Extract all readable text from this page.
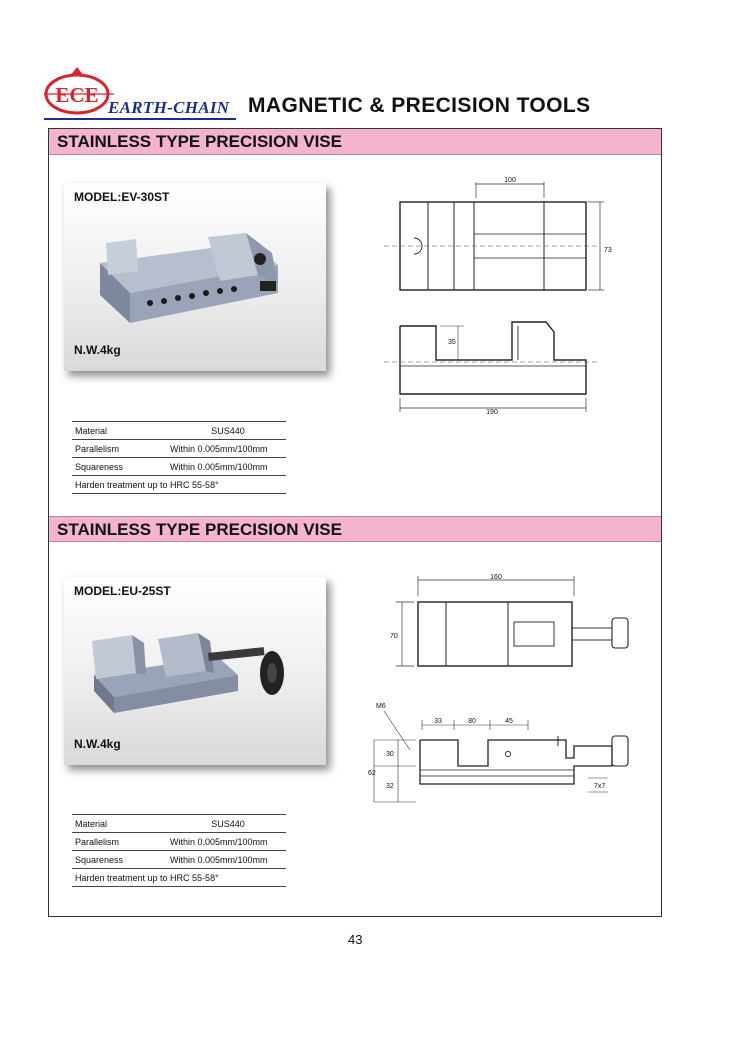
ECE
EARTH-CHAIN MAGNETIC & PRECISION TOOLS
STAINLESS TYPE PRECISION VISE
MODEL:EV-30ST
N.W.4kg
100
73
35
190
Material	SUS440
Parallelism	Within 0.005mm/100mm
Squareness	Within 0.005mm/100mm
Harden treatment up to HRC 55-58°
STAINLESS TYPE PRECISION VISE
MODEL:EU-25ST
N.W.4kg
160
70
M6
33	80	45
30
62
32	7x7
Material	SUS440
Parallelism	Within 0.005mm/100mm
Squareness	Within 0.005mm/100mm
Harden treatment up to HRC 55-58°
43
